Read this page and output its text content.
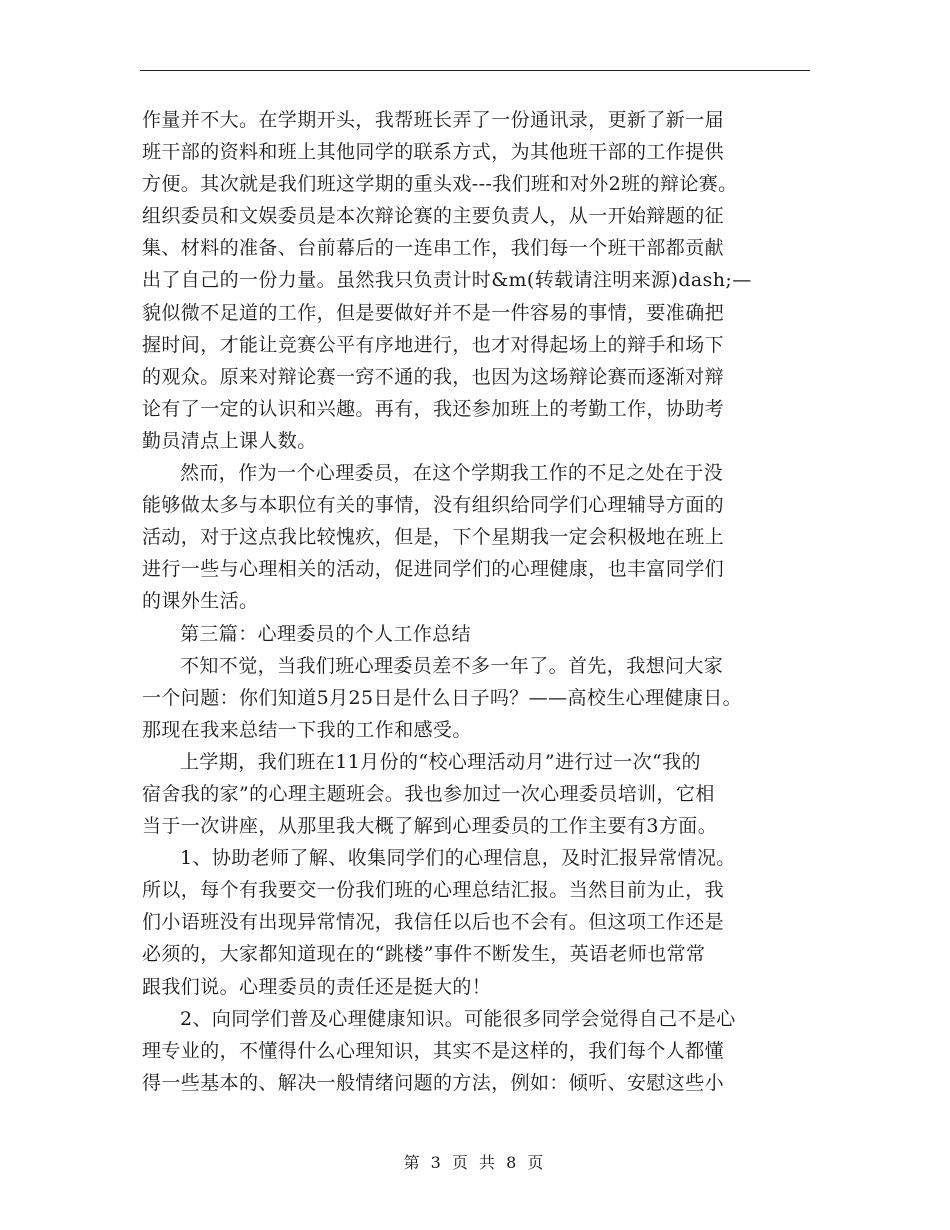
作量并不大。在学期开头，我帮班长弄了一份通讯录，更新了新一届
班干部的资料和班上其他同学的联系方式，为其他班干部的工作提供
方便。其次就是我们班这学期的重头戏---我们班和对外2班的辩论赛。
组织委员和文娱委员是本次辩论赛的主要负责人，从一开始辩题的征
集、材料的准备、台前幕后的一连串工作，我们每一个班干部都贡献
出了自己的一份力量。虽然我只负责计时&m(转载请注明来源)dash;—
貌似微不足道的工作，但是要做好并不是一件容易的事情，要准确把
握时间，才能让竞赛公平有序地进行，也才对得起场上的辩手和场下
的观众。原来对辩论赛一窍不通的我，也因为这场辩论赛而逐渐对辩
论有了一定的认识和兴趣。再有，我还参加班上的考勤工作，协助考
勤员清点上课人数。
然而，作为一个心理委员，在这个学期我工作的不足之处在于没
能够做太多与本职位有关的事情，没有组织给同学们心理辅导方面的
活动，对于这点我比较愧疚，但是，下个星期我一定会积极地在班上
进行一些与心理相关的活动，促进同学们的心理健康，也丰富同学们
的课外生活。
第三篇：心理委员的个人工作总结
不知不觉，当我们班心理委员差不多一年了。首先，我想问大家
一个问题：你们知道5月25日是什么日子吗？——高校生心理健康日。
那现在我来总结一下我的工作和感受。
上学期，我们班在11月份的“校心理活动月”进行过一次“我的
宿舍我的家”的心理主题班会。我也参加过一次心理委员培训，它相
当于一次讲座，从那里我大概了解到心理委员的工作主要有3方面。
1、协助老师了解、收集同学们的心理信息，及时汇报异常情况。
所以，每个有我要交一份我们班的心理总结汇报。当然目前为止，我
们小语班没有出现异常情况，我信任以后也不会有。但这项工作还是
必须的，大家都知道现在的“跳楼”事件不断发生，英语老师也常常
跟我们说。心理委员的责任还是挺大的！
2、向同学们普及心理健康知识。可能很多同学会觉得自己不是心
理专业的，不懂得什么心理知识，其实不是这样的，我们每个人都懂
得一些基本的、解决一般情绪问题的方法，例如：倾听、安慰这些小
第 3 页 共 8 页
